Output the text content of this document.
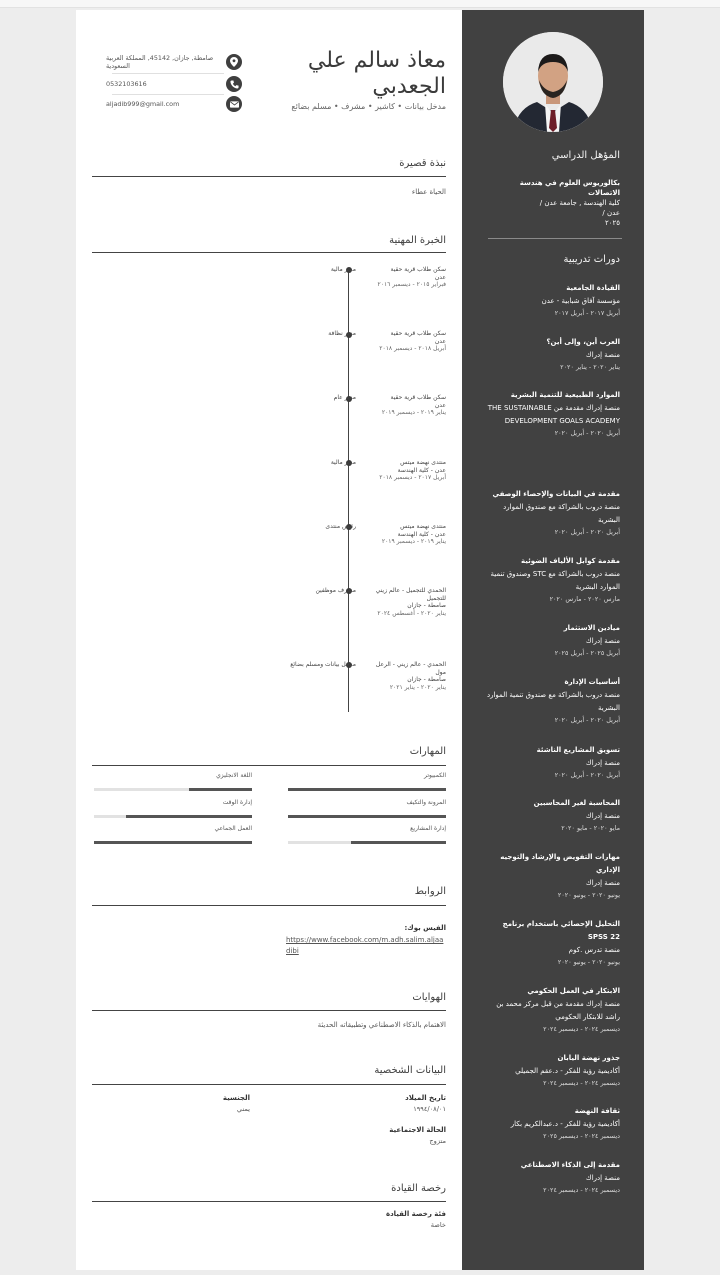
المؤهل الدراسي
بكالوريوس العلوم في هندسة الاتصالات
كلية الهندسة , جامعة عدن /
عدن /
٢٠٢٥
دورات تدريبية
القيادة الجامعية
مؤسسة آفاق شبابية - عدن
أبريل ٢٠١٧ - أبريل ٢٠١٧
العرب أين، وإلى أين؟
منصة إدراك
يناير ٢٠٢٠ - يناير ٢٠٢٠
الموارد الطبيعية للتنمية البشرية
منصة إدراك مقدمة من THE SUSTAINABLE DEVELOPMENT GOALS ACADEMY
أبريل ٢٠٢٠ - أبريل ٢٠٢٠
مقدمة في البيانات والإحصاء الوصفي
منصة دروب بالشراكة مع صندوق الموارد البشرية
أبريل ٢٠٢٠ - أبريل ٢٠٢٠
مقدمة كوابل الألياف الضوئية
منصة دروب بالشراكة مع STC وصندوق تنمية الموارد البشرية
مارس ٢٠٢٠ - مارس ٢٠٢٠
ميادين الاستثمار
منصة إدراك
أبريل ٢٠٢٥ - أبريل ٢٠٢٥
أساسيات الإدارة
منصة دروب بالشراكة مع صندوق تنمية الموارد البشرية
أبريل ٢٠٢٠ - أبريل ٢٠٢٠
تسويق المشاريع الناشئة
منصة إدراك
أبريل ٢٠٢٠ - أبريل ٢٠٢٠
المحاسبة لغير المحاسبين
منصة إدراك
مايو ٢٠٢٠ - مايو ٢٠٢٠
مهارات التفويض والإرشاد والتوجيه الإداري
منصة إدراك
يونيو ٢٠٢٠ - يونيو ٢٠٢٠
التحليل الإحصائي باستخدام برنامج SPSS 22
منصة تدرس .كوم
يونيو ٢٠٢٠ - يونيو ٢٠٢٠
الابتكار في العمل الحكومي
منصة إدراك مقدمة من قبل مركز محمد بن راشد للابتكار الحكومي
ديسمبر ٢٠٢٤ - ديسمبر ٢٠٢٤
جذور نهضة اليابان
أكاديمية رؤية للفكر - د.عقم الجميلي
ديسمبر ٢٠٢٤ - ديسمبر ٢٠٢٤
ثقافة النهضة
أكاديمية رؤية للفكر - د.عبدالكريم بكار
ديسمبر ٢٠٢٤ - ديسمبر ٢٠٢٥
مقدمة إلى الذكاء الاصطناعي
منصة إدراك
ديسمبر ٢٠٢٤ - ديسمبر ٢٠٢٤
معاذ سالم علي الجعدبي
مدخل بيانات • كاشير • مشرف • مسلم بضائع
صامطة, جازان, 45142, المملكة العربية السعودية
0532103616
aljadib999@gmail.com
نبذة قصيرة
الحياة عطاء
الخبرة المهنية
سكن طلاب قرية حقية
عدن
فبراير ٢٠١٥ - ديسمبر ٢٠١٦
مدير مالية
سكن طلاب قرية حقية
عدن
أبريل ٢٠١٨ - ديسمبر ٢٠١٨
مدير نظافة
سكن طلاب قرية حقية
عدن
يناير ٢٠١٩ - ديسمبر ٢٠١٩
مدير عام
منتدى نهضة ميتس
عدن - كلية الهندسة
أبريل ٢٠١٧ - ديسمبر ٢٠١٨
مدير مالية
منتدى نهضة ميتس
عدن - كلية الهندسة
يناير ٢٠١٩ - ديسمبر ٢٠١٩
رئيس منتدى
الحمدي للتجميل - عالم زيني للتجميل
صامطة - جازان
يناير ٢٠٢٠ - أغسطس ٢٠٢٤
مشرف موظفين
الحمدي - عالم زيني - الرعل مول
صامطة - جازان
يناير ٢٠٢٠ - يناير ٢٠٢١
مدخل بيانات ومسلم بضائع
المهارات
الكمبيوتر
اللغة الانجليزي
المرونة والتكيف
إدارة الوقت
إدارة المشاريع
العمل الجماعي
الروابط
الفيس بوك:
https://www.facebook.com/m.adh.salim.aljaadibi
الهوايات
الاهتمام بالذكاء الاصطناعي وتطبيقاته الحديثة
البيانات الشخصية
تاريخ الميلاد
١٩٩٤/٠٨/٠١
الجنسية
يمني
الحالة الاجتماعية
متزوج
رخصة القيادة
فئة رخصة القيادة
خاصة
